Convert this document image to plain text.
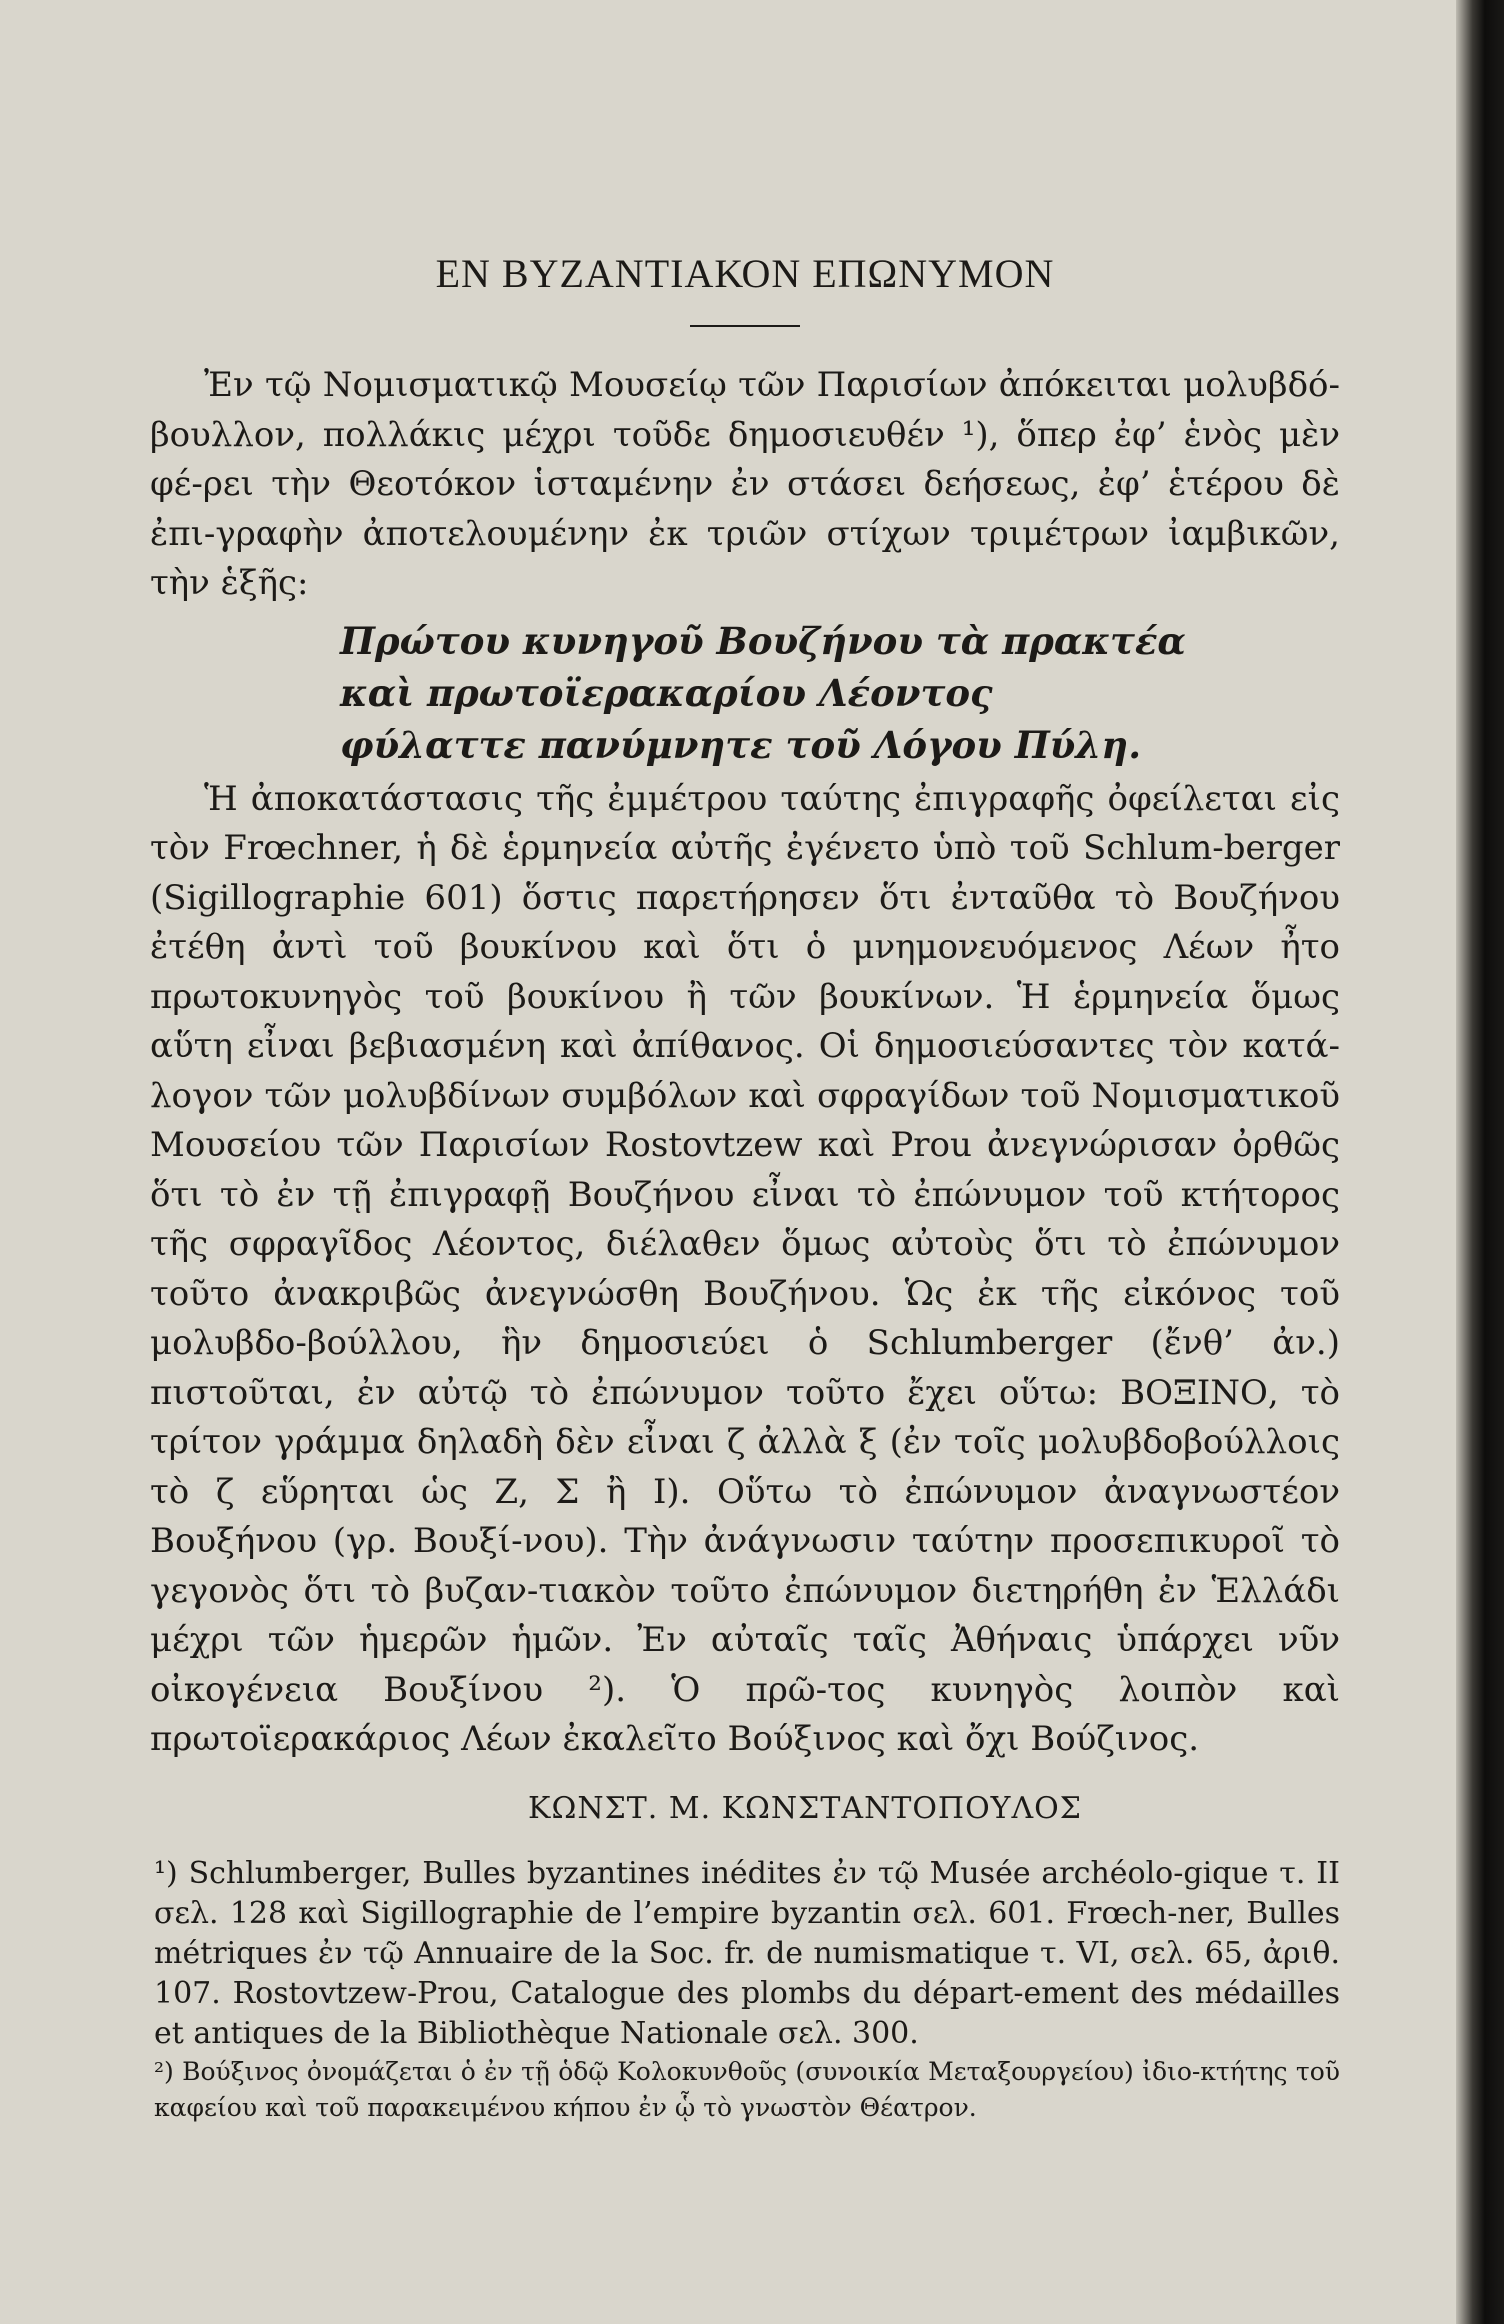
ΕΝ ΒΥΖΑΝΤΙΑΚΟΝ ΕΠΩΝΥΜΟΝ

Ἐν τῷ Νομισματικῷ Μουσείῳ τῶν Παρισίων ἀπόκειται μολυβδό-βουλλον, πολλάκις μέχρι τοῦδε δημοσιευθέν ¹), ὅπερ ἐφ’ ἑνὸς μὲν φέ-ρει τὴν Θεοτόκον ἱσταμένην ἐν στάσει δεήσεως, ἐφ’ ἑτέρου δὲ ἐπι-γραφὴν ἀποτελουμένην ἐκ τριῶν στίχων τριμέτρων ἰαμβικῶν, τὴν ἑξῆς:

Πρώτου κυνηγοῦ Βουζήνου τὰ πρακτέα
καὶ πρωτοϊερακαρίου Λέοντος
φύλαττε πανύμνητε τοῦ Λόγου Πύλη.

Ἡ ἀποκατάστασις τῆς ἐμμέτρου ταύτης ἐπιγραφῆς ὀφείλεται εἰς τὸν Frœchner, ἡ δὲ ἑρμηνεία αὐτῆς ἐγένετο ὑπὸ τοῦ Schlum-berger (Sigillographie 601) ὅστις παρετήρησεν ὅτι ἐνταῦθα τὸ Βουζήνου ἐτέθη ἀντὶ τοῦ βουκίνου καὶ ὅτι ὁ μνημονευόμενος Λέων ἦτο πρωτοκυνηγὸς τοῦ βουκίνου ἢ τῶν βουκίνων. Ἡ ἑρμηνεία ὅμως αὕτη εἶναι βεβιασμένη καὶ ἀπίθανος. Οἱ δημοσιεύσαντες τὸν κατά-λογον τῶν μολυβδίνων συμβόλων καὶ σφραγίδων τοῦ Νομισματικοῦ Μουσείου τῶν Παρισίων Rostovtzew καὶ Prou ἀνεγνώρισαν ὀρθῶς ὅτι τὸ ἐν τῇ ἐπιγραφῇ Βουζήνου εἶναι τὸ ἐπώνυμον τοῦ κτήτορος τῆς σφραγῖδος Λέοντος, διέλαθεν ὅμως αὐτοὺς ὅτι τὸ ἐπώνυμον τοῦτο ἀνακριβῶς ἀνεγνώσθη Βουζήνου. Ὡς ἐκ τῆς εἰκόνος τοῦ μολυβδο-βούλλου, ἣν δημοσιεύει ὁ Schlumberger (ἔνθ’ ἀν.) πιστοῦται, ἐν αὐτῷ τὸ ἐπώνυμον τοῦτο ἔχει οὕτω: ΒΟΞΙΝΟ, τὸ τρίτον γράμμα δηλαδὴ δὲν εἶναι ζ ἀλλὰ ξ (ἐν τοῖς μολυβδοβούλλοις τὸ ζ εὕρηται ὡς Ζ, Σ ἢ Ι). Οὕτω τὸ ἐπώνυμον ἀναγνωστέον Βουξήνου (γρ. Βουξί-νου). Τὴν ἀνάγνωσιν ταύτην προσεπικυροῖ τὸ γεγονὸς ὅτι τὸ βυζαν-τιακὸν τοῦτο ἐπώνυμον διετηρήθη ἐν Ἑλλάδι μέχρι τῶν ἡμερῶν ἡμῶν. Ἐν αὐταῖς ταῖς Ἀθήναις ὑπάρχει νῦν οἰκογένεια Βουξίνου ²). Ὁ πρῶ-τος κυνηγὸς λοιπὸν καὶ πρωτοϊερακάριος Λέων ἐκαλεῖτο Βούξινος καὶ ὄχι Βούζινος.

ΚΩΝΣΤ. Μ. ΚΩΝΣΤΑΝΤΟΠΟΥΛΟΣ
¹) Schlumberger, Bulles byzantines inédites ἐν τῷ Musée archéolo-gique τ. II σελ. 128 καὶ Sigillographie de l’empire byzantin σελ. 601. Frœch-ner, Bulles métriques ἐν τῷ Annuaire de la Soc. fr. de numismatique τ. VI, σελ. 65, ἀριθ. 107. Rostovtzew-Prou, Catalogue des plombs du départ-ement des médailles et antiques de la Bibliothèque Nationale σελ. 300.
²) Βούξινος ὀνομάζεται ὁ ἐν τῇ ὁδῷ Κολοκυνθοῦς (συνοικία Μεταξουργείου) ἰδιο-κτήτης τοῦ καφείου καὶ τοῦ παρακειμένου κήπου ἐν ᾧ τὸ γνωστὸν Θέατρον.
